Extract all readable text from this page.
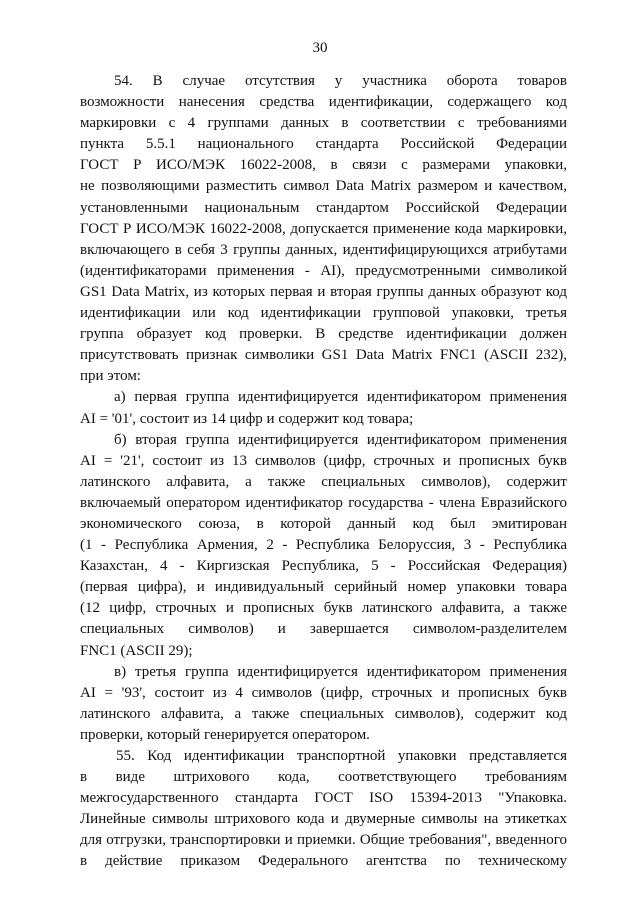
30
54. В случае отсутствия у участника оборота товаров
возможности нанесения средства идентификации, содержащего код
маркировки с 4 группами данных в соответствии с требованиями
пункта 5.5.1 национального стандарта Российской Федерации
ГОСТ Р ИСО/МЭК 16022-2008, в связи с размерами упаковки,
не позволяющими разместить символ Data Matrix размером и качеством,
установленными национальным стандартом Российской Федерации
ГОСТ Р ИСО/МЭК 16022-2008, допускается применение кода маркировки,
включающего в себя 3 группы данных, идентифицирующихся атрибутами
(идентификаторами применения - AI), предусмотренными символикой
GS1 Data Matrix, из которых первая и вторая группы данных образуют код
идентификации или код идентификации групповой упаковки, третья
группа образует код проверки. В средстве идентификации должен
присутствовать признак символики GS1 Data Matrix FNC1 (ASCII 232),
при этом:
а) первая группа идентифицируется идентификатором применения
AI = '01', состоит из 14 цифр и содержит код товара;
б) вторая группа идентифицируется идентификатором применения
AI = '21', состоит из 13 символов (цифр, строчных и прописных букв
латинского алфавита, а также специальных символов), содержит
включаемый оператором идентификатор государства - члена Евразийского
экономического союза, в которой данный код был эмитирован
(1 - Республика Армения, 2 - Республика Белоруссия, 3 - Республика
Казахстан, 4 - Киргизская Республика, 5 - Российская Федерация)
(первая цифра), и индивидуальный серийный номер упаковки товара
(12 цифр, строчных и прописных букв латинского алфавита, а также
специальных символов) и завершается символом-разделителем
FNC1 (ASCII 29);
в) третья группа идентифицируется идентификатором применения
AI = '93', состоит из 4 символов (цифр, строчных и прописных букв
латинского алфавита, а также специальных символов), содержит код
проверки, который генерируется оператором.
55. Код идентификации транспортной упаковки представляется
в виде штрихового кода, соответствующего требованиям
межгосударственного стандарта ГОСТ ISO 15394-2013 "Упаковка.
Линейные символы штрихового кода и двумерные символы на этикетках
для отгрузки, транспортировки и приемки. Общие требования", введенного
в действие приказом Федерального агентства по техническому
